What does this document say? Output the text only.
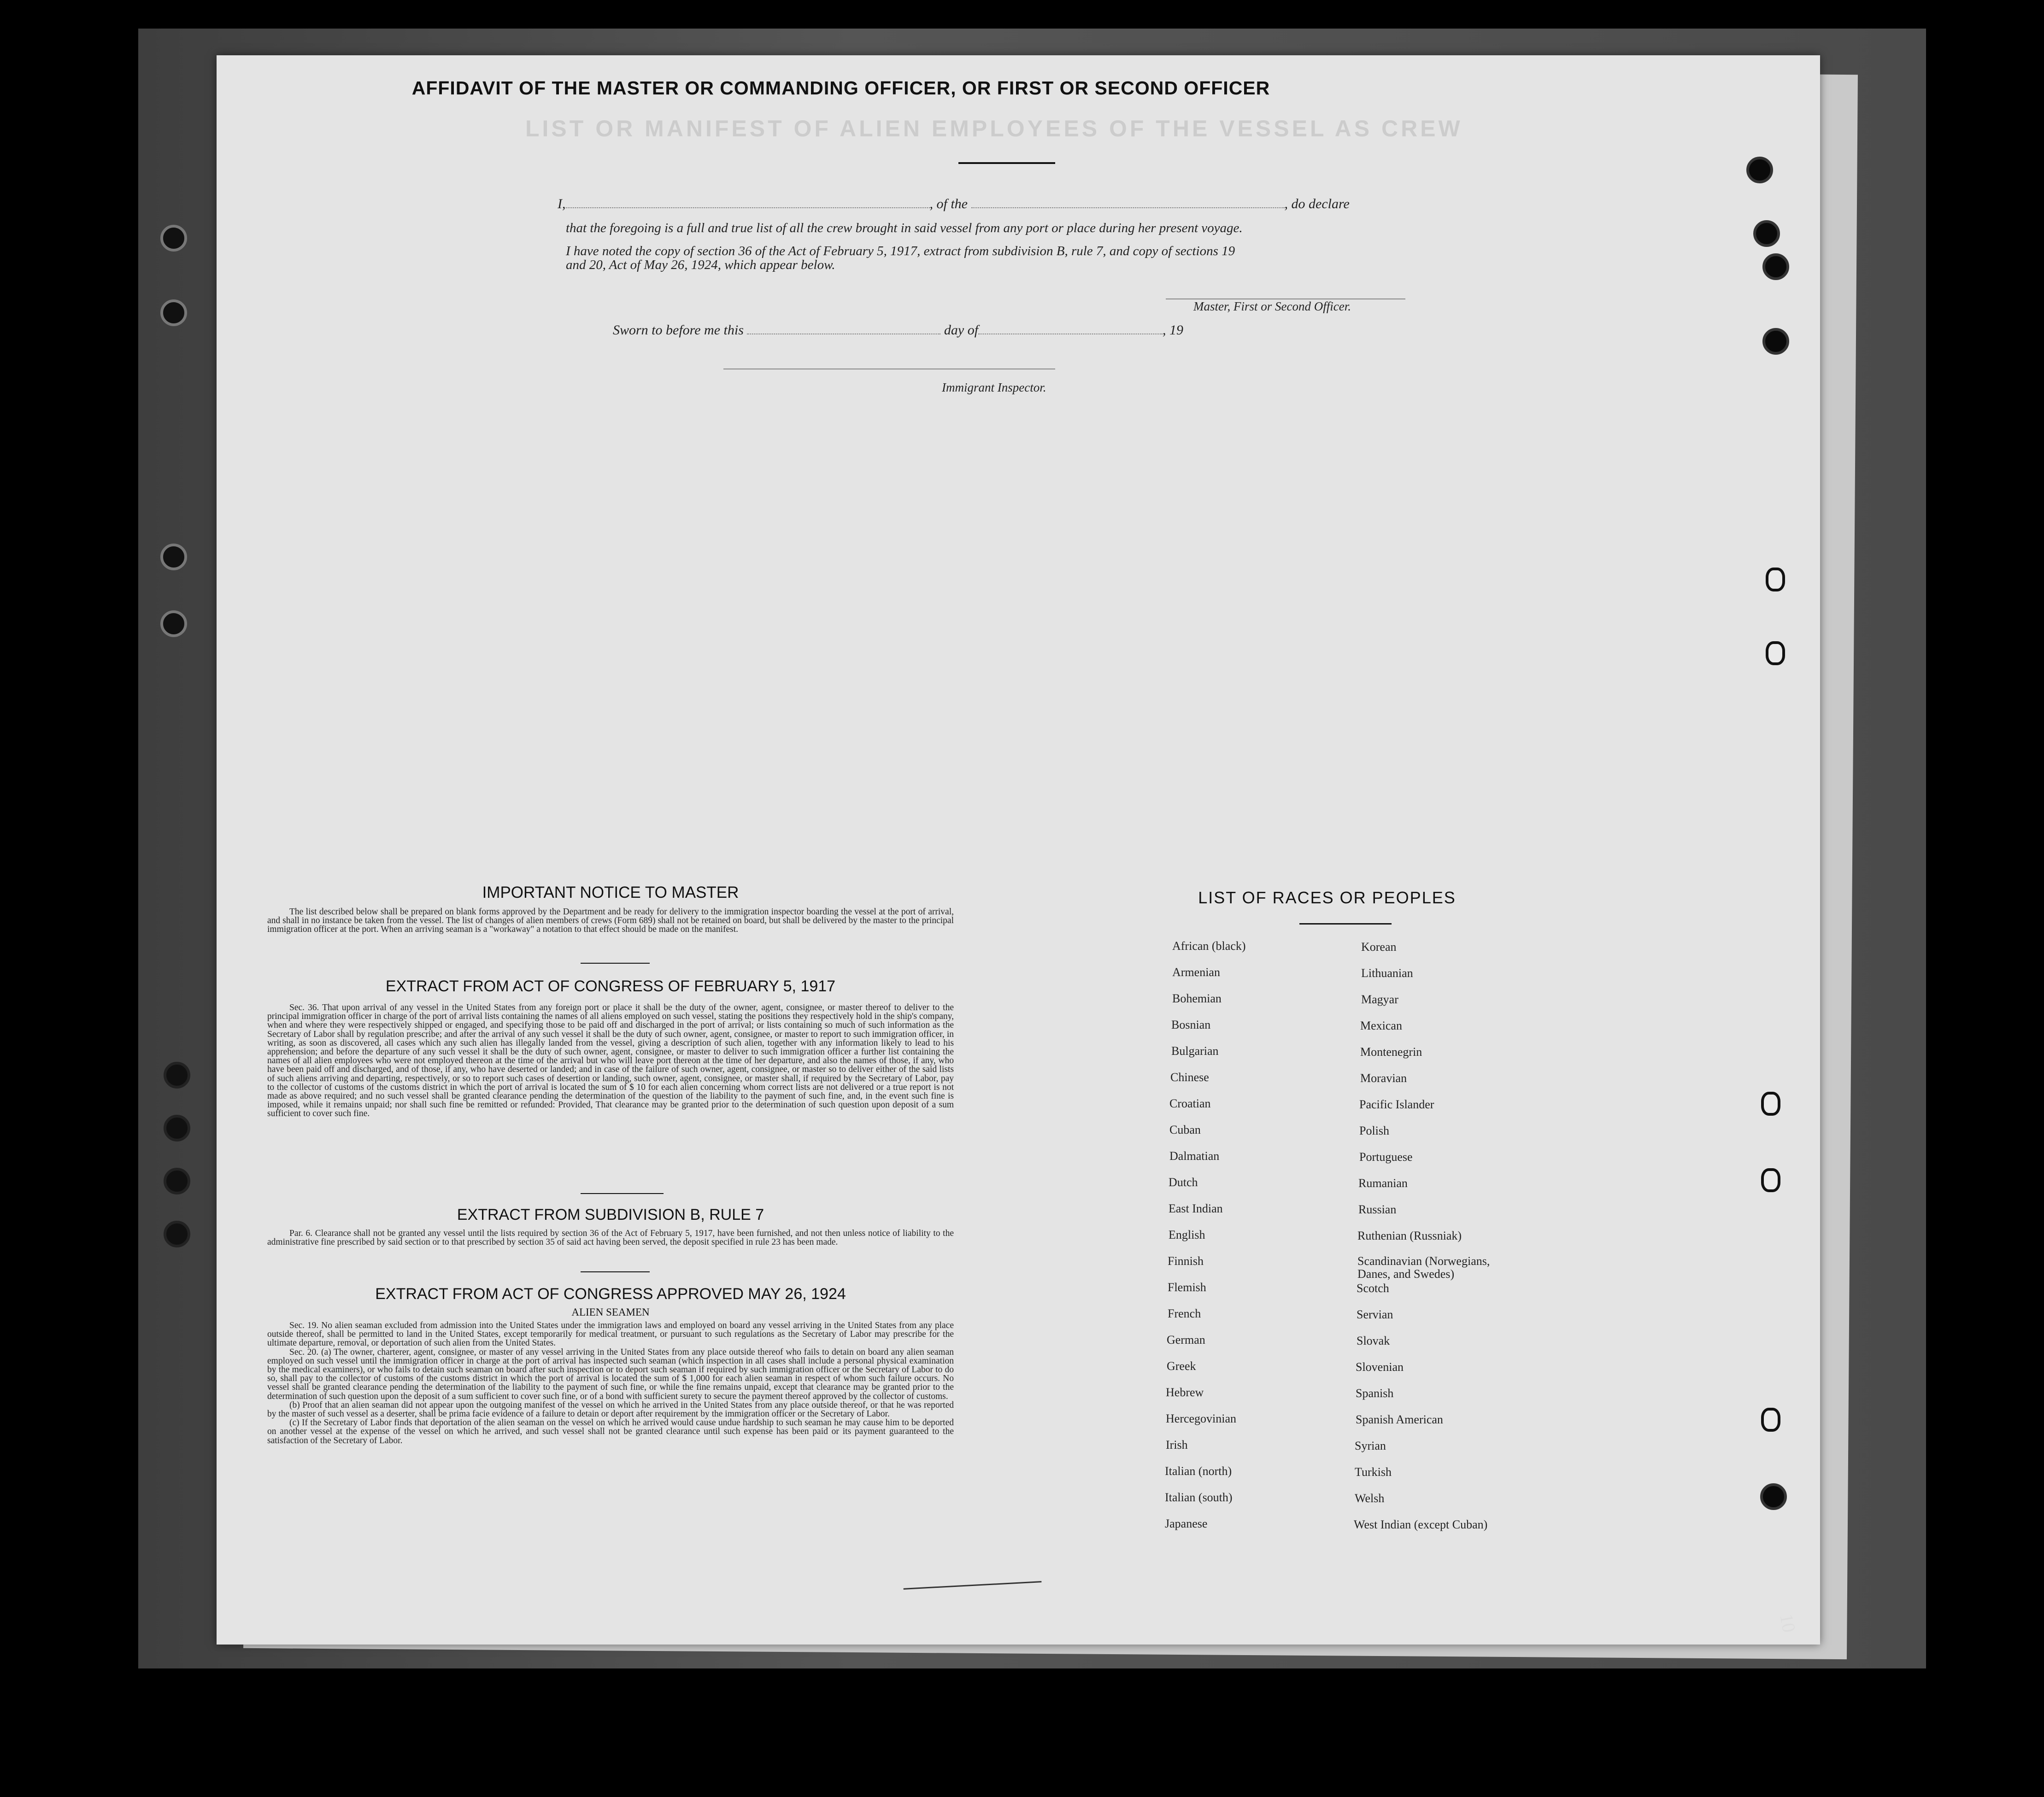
LIST OR MANIFEST OF ALIEN EMPLOYEES OF THE VESSEL AS CREW
AFFIDAVIT OF THE MASTER OR COMMANDING OFFICER, OR FIRST OR SECOND OFFICER
I,	, of the	, do declare
that the foregoing is a full and true list of all the crew brought in said vessel from any port or place during her present voyage.
I have noted the copy of section 36 of the Act of February 5, 1917, extract from subdivision B, rule 7, and copy of sections 19
and 20, Act of May 26, 1924, which appear below.
Master, First or Second Officer.
Sworn to before me this	day of	, 19
Immigrant Inspector.
IMPORTANT NOTICE TO MASTER

The list described below shall be prepared on blank forms approved by the Department and be ready for delivery to the immigration inspector boarding the vessel at the port of arrival, and shall in no instance be taken from the vessel. The list of changes of alien members of crews (Form 689) shall not be retained on board, but shall be delivered by the master to the principal immigration officer at the port. When an arriving seaman is a "workaway" a notation to that effect should be made on the manifest.

EXTRACT FROM ACT OF CONGRESS OF FEBRUARY 5, 1917

Sec. 36. That upon arrival of any vessel in the United States from any foreign port or place it shall be the duty of the owner, agent, consignee, or master thereof to deliver to the principal immigration officer in charge of the port of arrival lists containing the names of all aliens employed on such vessel, stating the positions they respectively hold in the ship's company, when and where they were respectively shipped or engaged, and specifying those to be paid off and discharged in the port of arrival; or lists containing so much of such information as the Secretary of Labor shall by regulation prescribe; and after the arrival of any such vessel it shall be the duty of such owner, agent, consignee, or master to report to such immigration officer, in writing, as soon as discovered, all cases which any such alien has illegally landed from the vessel, giving a description of such alien, together with any information likely to lead to his apprehension; and before the departure of any such vessel it shall be the duty of such owner, agent, consignee, or master to deliver to such immigration officer a further list containing the names of all alien employees who were not employed thereon at the time of the arrival but who will leave port thereon at the time of her departure, and also the names of those, if any, who have been paid off and discharged, and of those, if any, who have deserted or landed; and in case of the failure of such owner, agent, consignee, or master so to deliver either of the said lists of such aliens arriving and departing, respectively, or so to report such cases of desertion or landing, such owner, agent, consignee, or master shall, if required by the Secretary of Labor, pay to the collector of customs of the customs district in which the port of arrival is located the sum of $ 10 for each alien concerning whom correct lists are not delivered or a true report is not made as above required; and no such vessel shall be granted clearance pending the determination of the question of the liability to the payment of such fine, and, in the event such fine is imposed, while it remains unpaid; nor shall such fine be remitted or refunded: Provided, That clearance may be granted prior to the determination of such question upon deposit of a sum sufficient to cover such fine.

EXTRACT FROM SUBDIVISION B, RULE 7

Par. 6. Clearance shall not be granted any vessel until the lists required by section 36 of the Act of February 5, 1917, have been furnished, and not then unless notice of liability to the administrative fine prescribed by said section or to that prescribed by section 35 of said act having been served, the deposit specified in rule 23 has been made.

EXTRACT FROM ACT OF CONGRESS APPROVED MAY 26, 1924
ALIEN SEAMEN

Sec. 19. No alien seaman excluded from admission into the United States under the immigration laws and employed on board any vessel arriving in the United States from any place outside thereof, shall be permitted to land in the United States, except temporarily for medical treatment, or pursuant to such regulations as the Secretary of Labor may prescribe for the ultimate departure, removal, or deportation of such alien from the United States.

Sec. 20. (a) The owner, charterer, agent, consignee, or master of any vessel arriving in the United States from any place outside thereof who fails to detain on board any alien seaman employed on such vessel until the immigration officer in charge at the port of arrival has inspected such seaman (which inspection in all cases shall include a personal physical examination by the medical examiners), or who fails to detain such seaman on board after such inspection or to deport such seaman if required by such immigration officer or the Secretary of Labor to do so, shall pay to the collector of customs of the customs district in which the port of arrival is located the sum of $ 1,000 for each alien seaman in respect of whom such failure occurs. No vessel shall be granted clearance pending the determination of the liability to the payment of such fine, or while the fine remains unpaid, except that clearance may be granted prior to the determination of such question upon the deposit of a sum sufficient to cover such fine, or of a bond with sufficient surety to secure the payment thereof approved by the collector of customs.

(b) Proof that an alien seaman did not appear upon the outgoing manifest of the vessel on which he arrived in the United States from any place outside thereof, or that he was reported by the master of such vessel as a deserter, shall be prima facie evidence of a failure to detain or deport after requirement by the immigration officer or the Secretary of Labor.

(c) If the Secretary of Labor finds that deportation of the alien seaman on the vessel on which he arrived would cause undue hardship to such seaman he may cause him to be deported on another vessel at the expense of the vessel on which he arrived, and such vessel shall not be granted clearance until such expense has been paid or its payment guaranteed to the satisfaction of the Secretary of Labor.

LIST OF RACES OR PEOPLES
African (black)
Armenian
Bohemian
Bosnian
Bulgarian
Chinese
Croatian
Cuban
Dalmatian
Dutch
East Indian
English
Finnish
Flemish
French
German
Greek
Hebrew
Hercegovinian
Irish
Italian (north)
Italian (south)
Japanese
Korean
Lithuanian
Magyar
Mexican
Montenegrin
Moravian
Pacific Islander
Polish
Portuguese
Rumanian
Russian
Ruthenian (Russniak)
Scandinavian (Norwegians, Danes, and Swedes)
Scotch
Servian
Slovak
Slovenian
Spanish
Spanish American
Syrian
Turkish
Welsh
West Indian (except Cuban)
10
